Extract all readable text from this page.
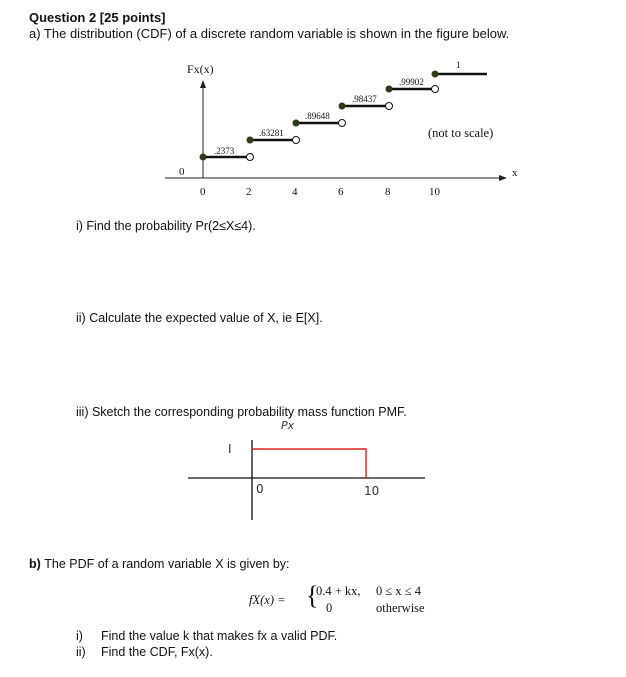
Question 2 [25 points]
a) The distribution (CDF) of a discrete random variable is shown in the figure below.
Fx(x)
0	x
(not to scale)
0	2	4	6	8	10
.2373
.63281
.89648
.98437
.99902
1
i) Find the probability Pr(2≤X≤4).
ii) Calculate the expected value of X, ie E[X].
iii) Sketch the corresponding probability mass function PMF.
Px
I
0	10
b) The PDF of a random variable X is given by:
fX(x) = {
0.4 + kx, 0 ≤ x ≤ 4
0	otherwise
i) Find the value k that makes fx a valid PDF.
ii) Find the CDF, Fx(x).
